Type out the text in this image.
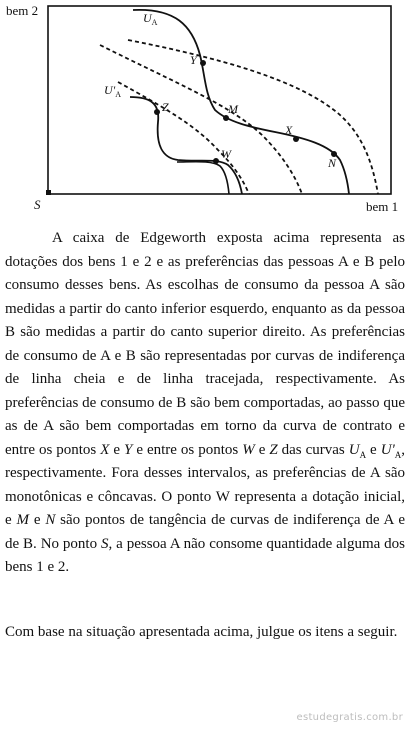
bem 2
bem 1
S
$U_A$
$U'_A$
Y
M
Z
X
W
N

A caixa de Edgeworth exposta acima representa as dotações dos bens 1 e 2 e as preferências das pessoas A e B pelo consumo desses bens. As escolhas de consumo da pessoa A são medidas a partir do canto inferior esquerdo, enquanto as da pessoa B são medidas a partir do canto superior direito. As preferências de consumo de A e B são representadas por curvas de indiferença de linha cheia e de linha tracejada, respectivamente. As preferências de consumo de B são bem comportadas, ao passo que as de A são bem comportadas em torno da curva de contrato e entre os pontos X e Y e entre os pontos W e Z das curvas $U_A$ e $U'_A$, respectivamente. Fora desses intervalos, as preferências de A são monotônicas e côncavas. O ponto W representa a dotação inicial, e M e N são pontos de tangência de curvas de indiferença de A e de B. No ponto S, a pessoa A não consome quantidade alguma dos bens 1 e 2.

Com base na situação apresentada acima, julgue os itens a seguir.

estudegratis.com.br
